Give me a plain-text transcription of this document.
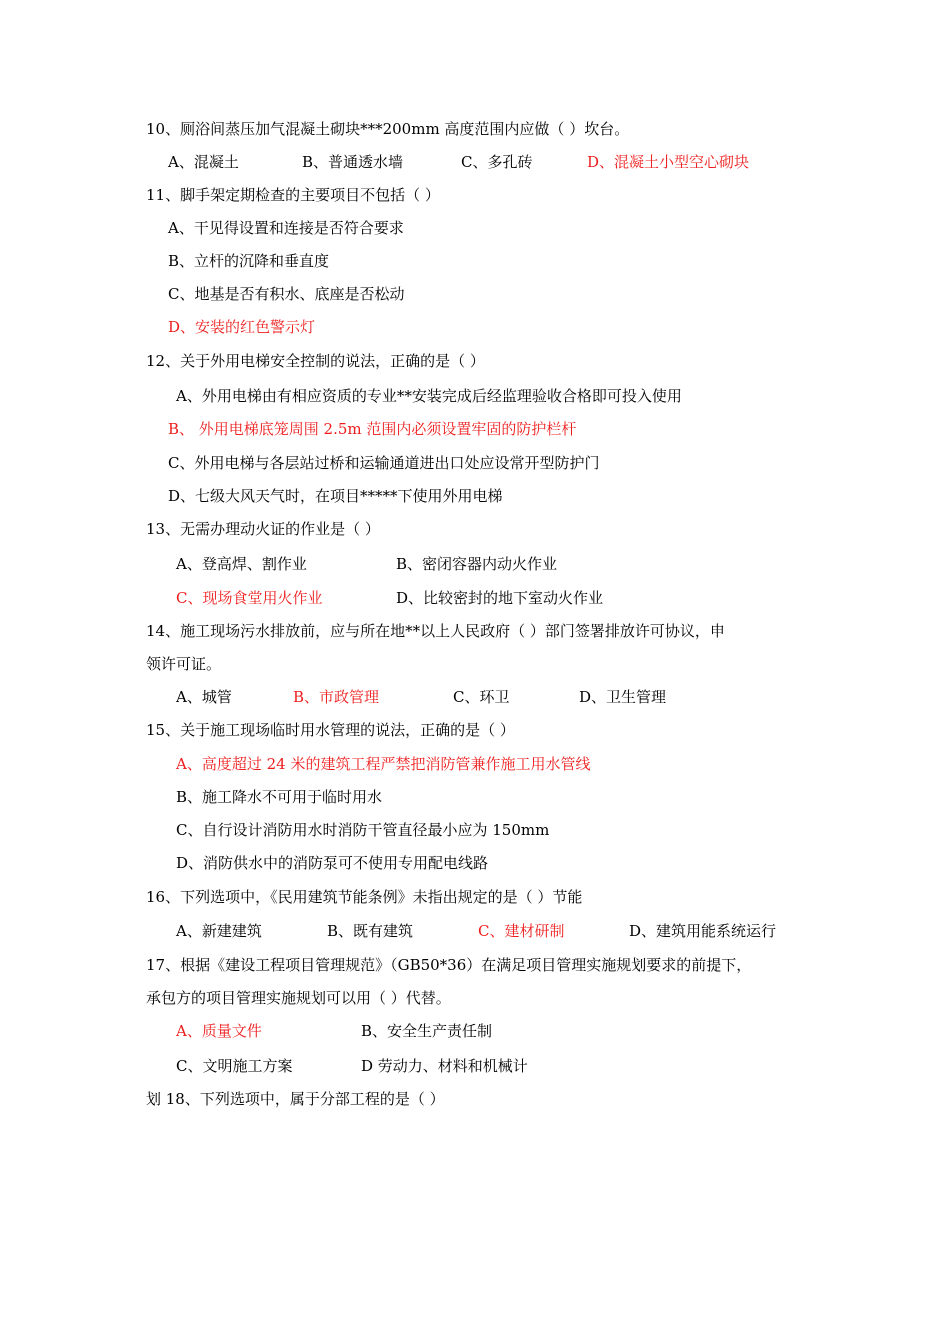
10、厕浴间蒸压加气混凝土砌块***200mm 高度范围内应做（ ）坎台。
A、混凝土	B、普通透水墙	C、多孔砖	D、混凝土小型空心砌块
11、脚手架定期检查的主要项目不包括（ ）
A、干见得设置和连接是否符合要求
B、立杆的沉降和垂直度
C、地基是否有积水、底座是否松动
D、安装的红色警示灯
12、关于外用电梯安全控制的说法，正确的是（ ）
A、外用电梯由有相应资质的专业**安装完成后经监理验收合格即可投入使用
B、 外用电梯底笼周围 2.5m 范围内必须设置牢固的防护栏杆
C、外用电梯与各层站过桥和运输通道进出口处应设常开型防护门
D、七级大风天气时，在项目*****下使用外用电梯
13、无需办理动火证的作业是（ ）
A、登高焊、割作业	B、密闭容器内动火作业
C、现场食堂用火作业	D、比较密封的地下室动火作业
14、施工现场污水排放前，应与所在地**以上人民政府（ ）部门签署排放许可协议，申
领许可证。
A、城管	B、市政管理	C、环卫	D、卫生管理
15、关于施工现场临时用水管理的说法，正确的是（ ）
A、高度超过 24 米的建筑工程严禁把消防管兼作施工用水管线
B、施工降水不可用于临时用水
C、自行设计消防用水时消防干管直径最小应为 150mm
D、消防供水中的消防泵可不使用专用配电线路
16、下列选项中，《民用建筑节能条例》未指出规定的是（ ）节能
A、新建建筑	B、既有建筑	C、建材研制	D、建筑用能系统运行
17、根据《建设工程项目管理规范》（GB50*36）在满足项目管理实施规划要求的前提下，
承包方的项目管理实施规划可以用（ ）代替。
A、质量文件	B、安全生产责任制
C、文明施工方案	D 劳动力、材料和机械计
划 18、下列选项中，属于分部工程的是（ ）
